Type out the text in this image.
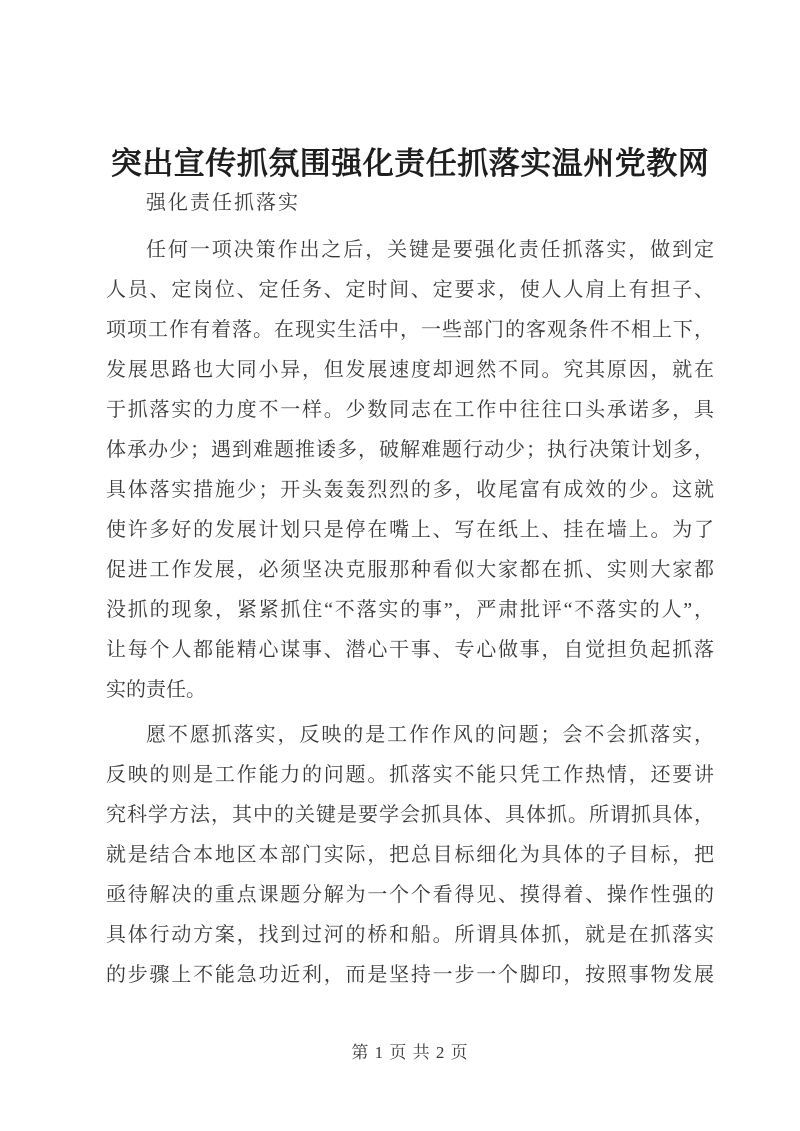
突出宣传抓氛围强化责任抓落实温州党教网
强化责任抓落实
任何一项决策作出之后，关键是要强化责任抓落实，做到定
人员、定岗位、定任务、定时间、定要求，使人人肩上有担子、
项项工作有着落。在现实生活中，一些部门的客观条件不相上下，
发展思路也大同小异，但发展速度却迥然不同。究其原因，就在
于抓落实的力度不一样。少数同志在工作中往往口头承诺多，具
体承办少；遇到难题推诿多，破解难题行动少；执行决策计划多，
具体落实措施少；开头轰轰烈烈的多，收尾富有成效的少。这就
使许多好的发展计划只是停在嘴上、写在纸上、挂在墙上。为了
促进工作发展，必须坚决克服那种看似大家都在抓、实则大家都
没抓的现象，紧紧抓住“不落实的事”，严肃批评“不落实的人”，
让每个人都能精心谋事、潜心干事、专心做事，自觉担负起抓落
实的责任。
愿不愿抓落实，反映的是工作作风的问题；会不会抓落实，
反映的则是工作能力的问题。抓落实不能只凭工作热情，还要讲
究科学方法，其中的关键是要学会抓具体、具体抓。所谓抓具体，
就是结合本地区本部门实际，把总目标细化为具体的子目标，把
亟待解决的重点课题分解为一个个看得见、摸得着、操作性强的
具体行动方案，找到过河的桥和船。所谓具体抓，就是在抓落实
的步骤上不能急功近利，而是坚持一步一个脚印，按照事物发展
第 1 页 共 2 页
